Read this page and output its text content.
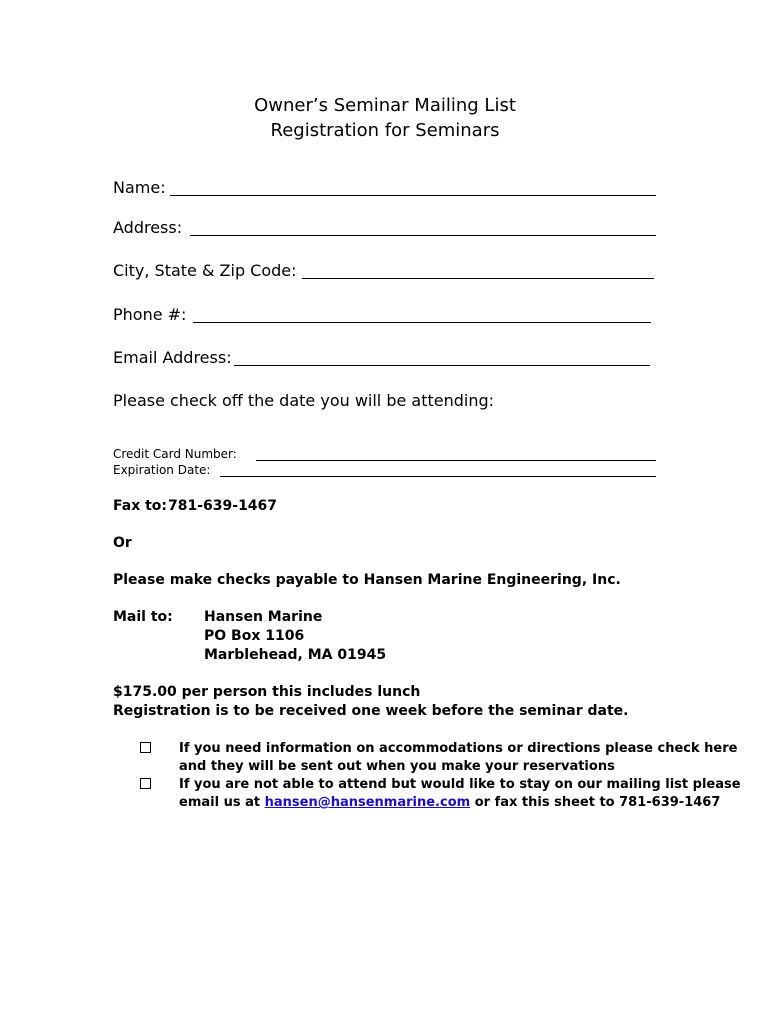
Owner’s Seminar Mailing List
Registration for Seminars
Name:
Address:
City, State & Zip Code:
Phone #:
Email Address:
Please check off the date you will be attending:
Credit Card Number:
Expiration Date:
Fax to: 781-639-1467
Or
Please make checks payable to Hansen Marine Engineering, Inc.
Mail to: Hansen Marine
PO Box 1106
Marblehead, MA 01945
$175.00 per person this includes lunch
Registration is to be received one week before the seminar date.
If you need information on accommodations or directions please check here
and they will be sent out when you make your reservations
If you are not able to attend but would like to stay on our mailing list please
email us at hansen@hansenmarine.com or fax this sheet to 781-639-1467
